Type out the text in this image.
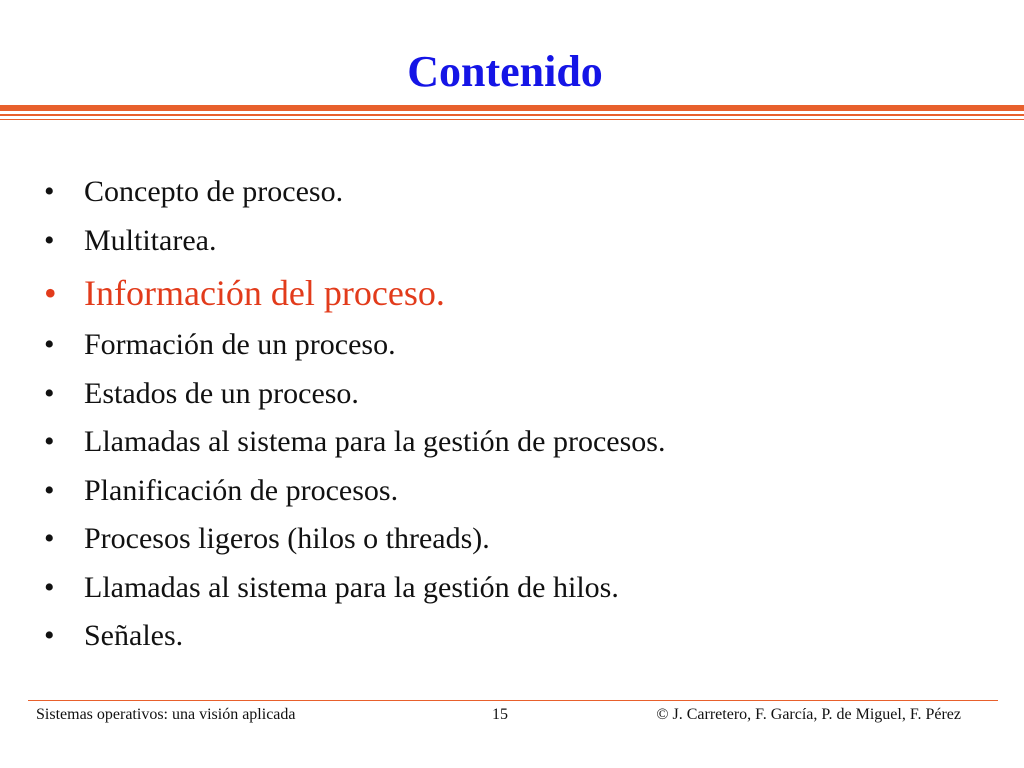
Contenido
• Concepto de proceso.
• Multitarea.
• Información del proceso.
• Formación de un proceso.
• Estados de un proceso.
• Llamadas al sistema para la gestión de procesos.
• Planificación de procesos.
• Procesos ligeros (hilos o threads).
• Llamadas al sistema para la gestión de hilos.
• Señales.
Sistemas operativos: una visión aplicada	15	© J. Carretero, F. García, P. de Miguel, F. Pérez
